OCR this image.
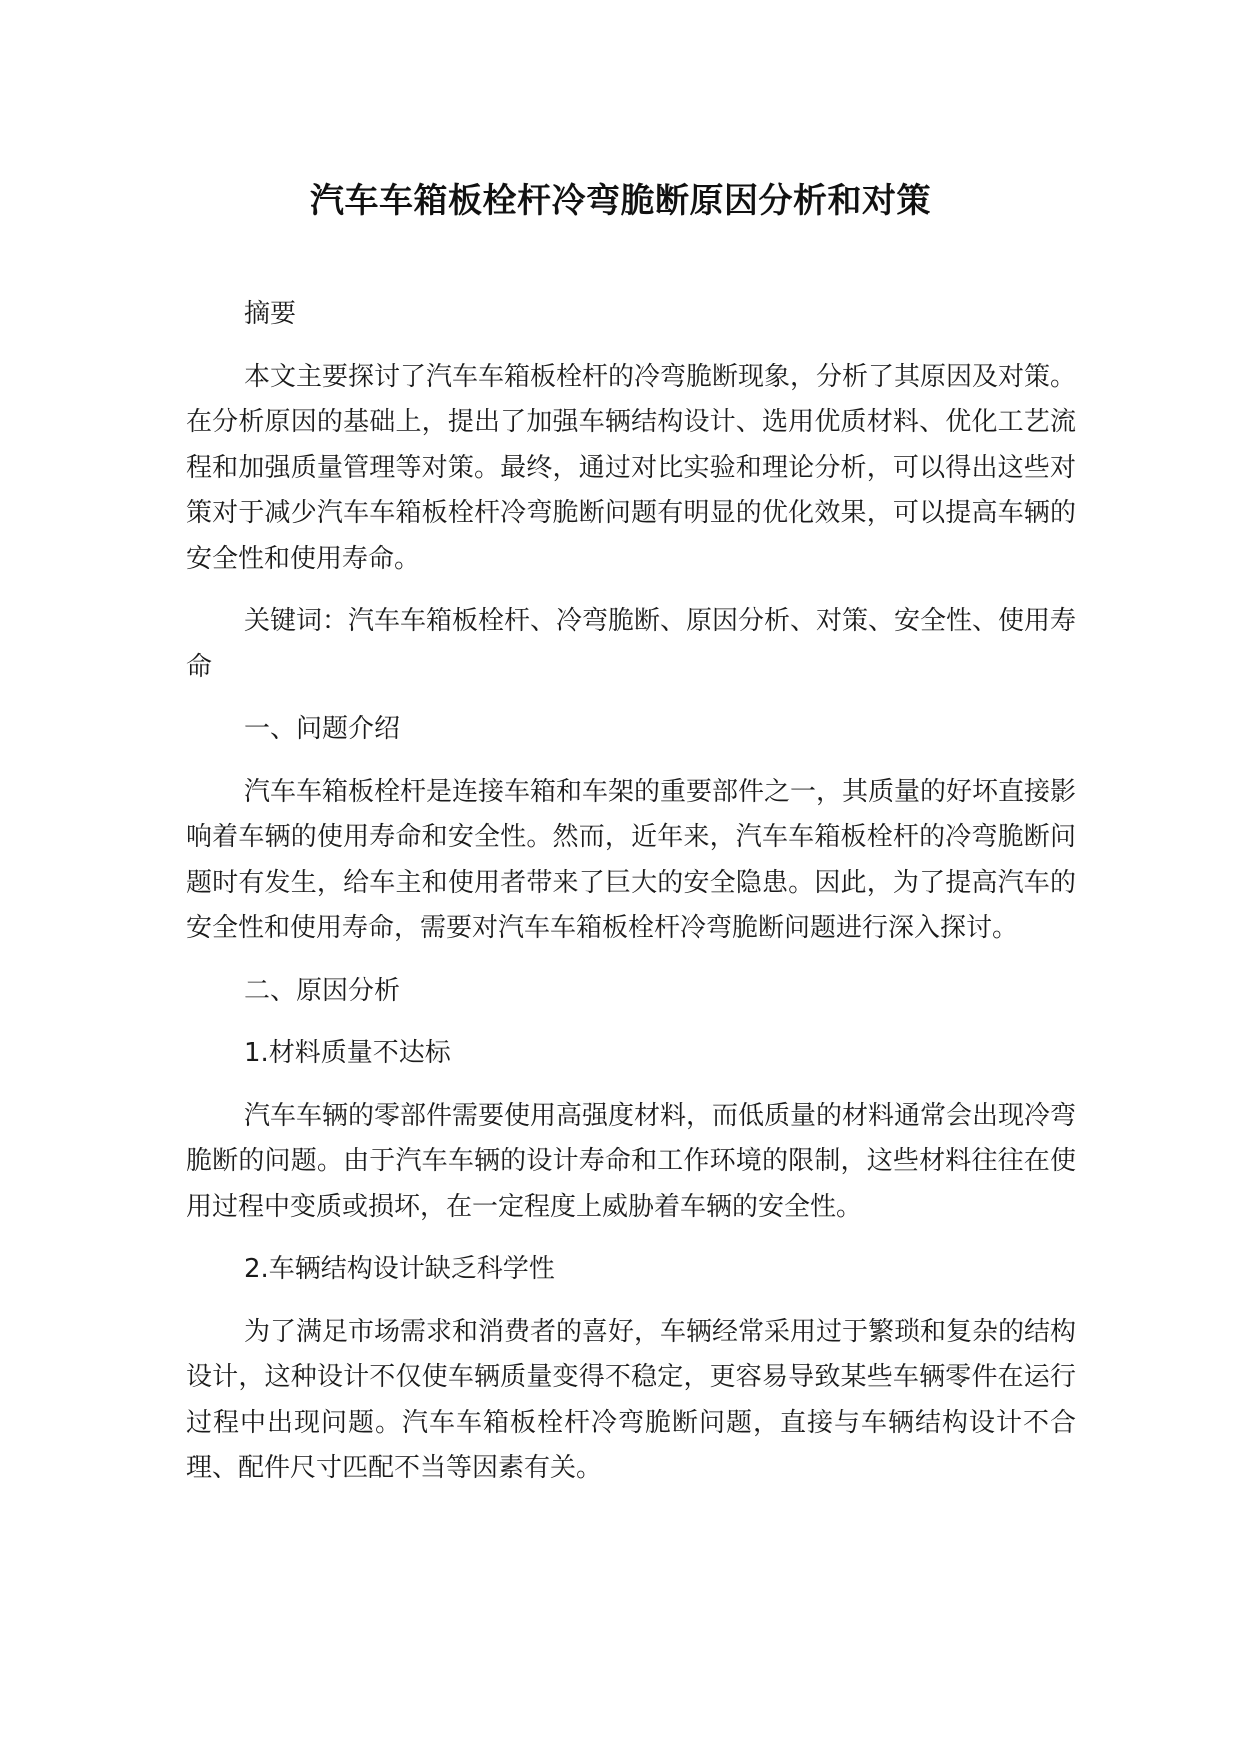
汽车车箱板栓杆冷弯脆断原因分析和对策

摘要

本文主要探讨了汽车车箱板栓杆的冷弯脆断现象，分析了其原因及对策。在分析原因的基础上，提出了加强车辆结构设计、选用优质材料、优化工艺流程和加强质量管理等对策。最终，通过对比实验和理论分析，可以得出这些对策对于减少汽车车箱板栓杆冷弯脆断问题有明显的优化效果，可以提高车辆的安全性和使用寿命。

关键词：汽车车箱板栓杆、冷弯脆断、原因分析、对策、安全性、使用寿命

一、问题介绍

汽车车箱板栓杆是连接车箱和车架的重要部件之一，其质量的好坏直接影响着车辆的使用寿命和安全性。然而，近年来，汽车车箱板栓杆的冷弯脆断问题时有发生，给车主和使用者带来了巨大的安全隐患。因此，为了提高汽车的安全性和使用寿命，需要对汽车车箱板栓杆冷弯脆断问题进行深入探讨。

二、原因分析

1.材料质量不达标

汽车车辆的零部件需要使用高强度材料，而低质量的材料通常会出现冷弯脆断的问题。由于汽车车辆的设计寿命和工作环境的限制，这些材料往往在使用过程中变质或损坏，在一定程度上威胁着车辆的安全性。

2.车辆结构设计缺乏科学性

为了满足市场需求和消费者的喜好，车辆经常采用过于繁琐和复杂的结构设计，这种设计不仅使车辆质量变得不稳定，更容易导致某些车辆零件在运行过程中出现问题。汽车车箱板栓杆冷弯脆断问题，直接与车辆结构设计不合理、配件尺寸匹配不当等因素有关。
